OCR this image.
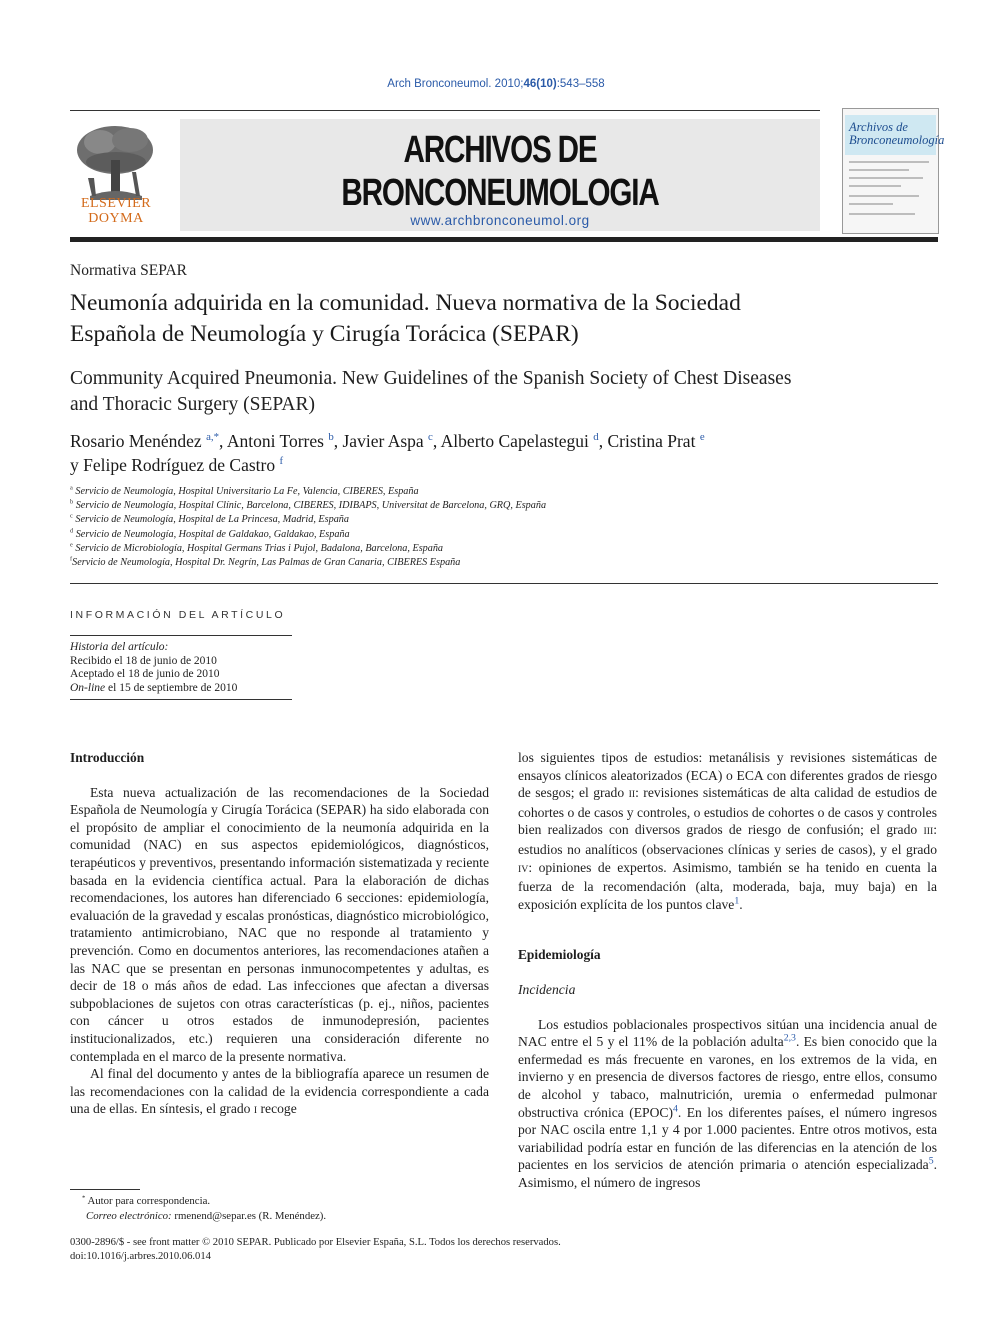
Arch Bronconeumol. 2010;46(10):543–558
ELSEVIER
DOYMA
ARCHIVOS DE BRONCONEUMOLOGIA
www.archbronconeumol.org
Archivos de
Bronconeumología
Normativa SEPAR
Neumonía adquirida en la comunidad. Nueva normativa de la Sociedad
Española de Neumología y Cirugía Torácica (SEPAR)
Community Acquired Pneumonia. New Guidelines of the Spanish Society of Chest Diseases
and Thoracic Surgery (SEPAR)
Rosario Menéndez $^{a,*}$, Antoni Torres $^b$, Javier Aspa $^c$, Alberto Capelastegui $^d$, Cristina Prat $^e$
y Felipe Rodríguez de Castro $^f$
$^a$ Servicio de Neumología, Hospital Universitario La Fe, Valencia, CIBERES, España
$^b$ Servicio de Neumología, Hospital Clínic, Barcelona, CIBERES, IDIBAPS, Universitat de Barcelona, GRQ, España
$^c$ Servicio de Neumología, Hospital de La Princesa, Madrid, España
$^d$ Servicio de Neumología, Hospital de Galdakao, Galdakao, España
$^e$ Servicio de Microbiología, Hospital Germans Trias i Pujol, Badalona, Barcelona, España
$^f$Servicio de Neumología, Hospital Dr. Negrín, Las Palmas de Gran Canaria, CIBERES España
INFORMACIÓN DEL ARTÍCULO
Historia del artículo:
Recibido el 18 de junio de 2010
Aceptado el 18 de junio de 2010
On-line el 15 de septiembre de 2010

Introducción

Esta nueva actualización de las recomendaciones de la Sociedad Española de Neumología y Cirugía Torácica (SEPAR) ha sido elaborada con el propósito de ampliar el conocimiento de la neumonía adquirida en la comunidad (NAC) en sus aspectos epidemiológicos, diagnósticos, terapéuticos y preventivos, presentando información sistematizada y reciente basada en la evidencia científica actual. Para la elaboración de dichas recomendaciones, los autores han diferenciado 6 secciones: epidemiología, evaluación de la gravedad y escalas pronósticas, diagnóstico microbiológico, tratamiento antimicrobiano, NAC que no responde al tratamiento y prevención. Como en documentos anteriores, las recomendaciones atañen a las NAC que se presentan en personas inmunocompetentes y adultas, es decir de 18 o más años de edad. Las infecciones que afectan a diversas subpoblaciones de sujetos con otras características (p. ej., niños, pacientes con cáncer u otros estados de inmunodepresión, pacientes institucionalizados, etc.) requieren una consideración diferente no contemplada en el marco de la presente normativa.

Al final del documento y antes de la bibliografía aparece un resumen de las recomendaciones con la calidad de la evidencia correspondiente a cada una de ellas. En síntesis, el grado I recoge

los siguientes tipos de estudios: metanálisis y revisiones sistemáticas de ensayos clínicos aleatorizados (ECA) o ECA con diferentes grados de riesgo de sesgos; el grado II: revisiones sistemáticas de alta calidad de estudios de cohortes o de casos y controles, o estudios de cohortes o de casos y controles bien realizados con diversos grados de riesgo de confusión; el grado III: estudios no analíticos (observaciones clínicas y series de casos), y el grado IV: opiniones de expertos. Asimismo, también se ha tenido en cuenta la fuerza de la recomendación (alta, moderada, baja, muy baja) en la exposición explícita de los puntos clave$^1$.

Epidemiología

Incidencia

Los estudios poblacionales prospectivos sitúan una incidencia anual de NAC entre el 5 y el 11% de la población adulta$^{2,3}$. Es bien conocido que la enfermedad es más frecuente en varones, en los extremos de la vida, en invierno y en presencia de diversos factores de riesgo, entre ellos, consumo de alcohol y tabaco, malnutrición, uremia o enfermedad pulmonar obstructiva crónica (EPOC)$^4$. En los diferentes países, el número ingresos por NAC oscila entre 1,1 y 4 por 1.000 pacientes. Entre otros motivos, esta variabilidad podría estar en función de las diferencias en la atención de los pacientes en los servicios de atención primaria o atención especializada$^5$. Asimismo, el número de ingresos

* Autor para correspondencia.
Correo electrónico: rmenend@separ.es (R. Menéndez).
0300-2896/$ - see front matter © 2010 SEPAR. Publicado por Elsevier España, S.L. Todos los derechos reservados.
doi:10.1016/j.arbres.2010.06.014
